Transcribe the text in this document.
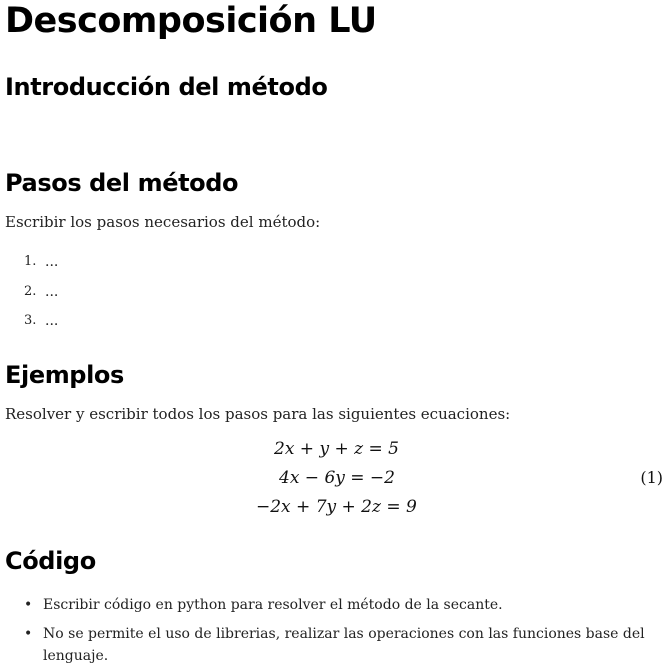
Descomposición LU
Introducción del método
Pasos del método

Escribir los pasos necesarios del método:

1. ...
2. ...
3. ...
Ejemplos

Resolver y escribir todos los pasos para las siguientes ecuaciones:

2x + y + z = 5
4x − 6y = −2
−2x + 7y + 2z = 9
(1)
Código
• Escribir código en python para resolver el método de la secante.
• No se permite el uso de librerias, realizar las operaciones con las funciones base del lenguaje.
